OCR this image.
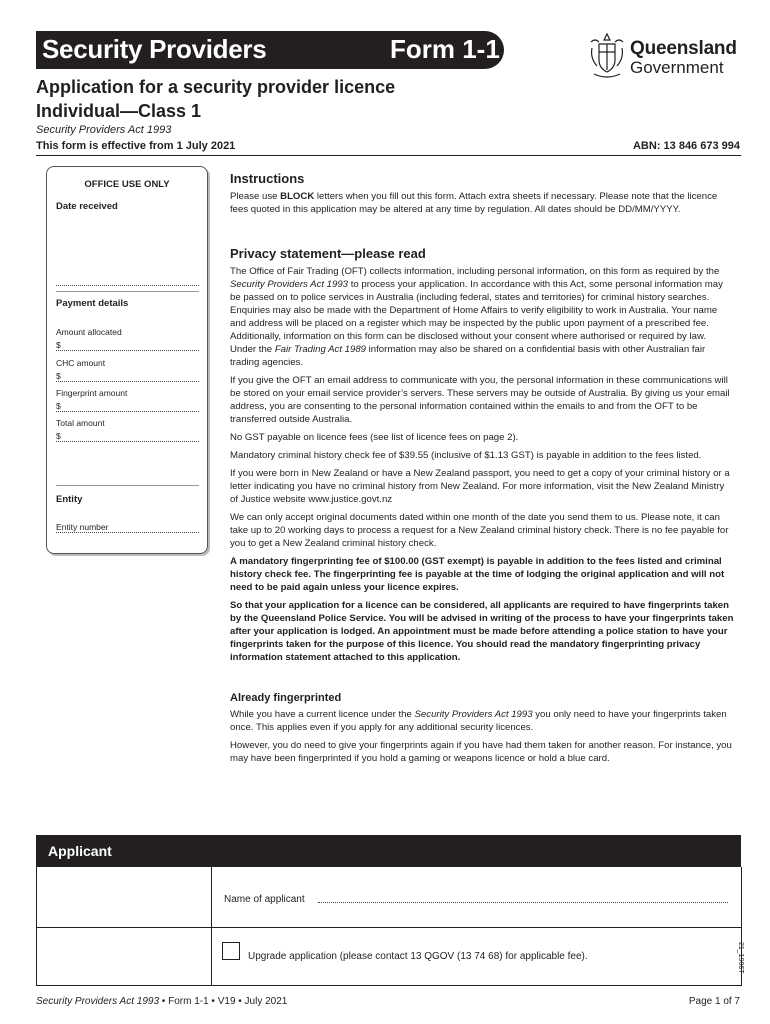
Security Providers	Form 1-1	Queensland
Government
Application for a security provider licence
Individual—Class 1
Security Providers Act 1993
This form is effective from 1 July 2021	ABN: 13 846 673 994
OFFICE USE ONLY
Date received
Payment details
Amount allocated
$
CHC amount
$
Fingerprint amount
$
Total amount
$
Entity
Entity number
Instructions

Please use BLOCK letters when you fill out this form. Attach extra sheets if necessary. Please note that the licence fees quoted in this application may be altered at any time by regulation. All dates should be DD/MM/YYYY.

Privacy statement—please read

The Office of Fair Trading (OFT) collects information, including personal information, on this form as required by the Security Providers Act 1993 to process your application. In accordance with this Act, some personal information may be passed on to police services in Australia (including federal, states and territories) for criminal history searches. Enquiries may also be made with the Department of Home Affairs to verify eligibility to work in Australia. Your name and address will be placed on a register which may be inspected by the public upon payment of a prescribed fee. Additionally, information on this form can be disclosed without your consent where authorised or required by law. Under the Fair Trading Act 1989 information may also be shared on a confidential basis with other Australian fair trading agencies.

If you give the OFT an email address to communicate with you, the personal information in these communications will be stored on your email service provider’s servers. These servers may be outside of Australia. By giving us your email address, you are consenting to the personal information contained within the emails to and from the OFT to be transferred outside Australia.

No GST payable on licence fees (see list of licence fees on page 2).

Mandatory criminal history check fee of $39.55 (inclusive of $1.13 GST) is payable in addition to the fees listed.

If you were born in New Zealand or have a New Zealand passport, you need to get a copy of your criminal history or a letter indicating you have no criminal history from New Zealand. For more information, visit the New Zealand Ministry of Justice website www.justice.govt.nz

We can only accept original documents dated within one month of the date you send them to us. Please note, it can take up to 20 working days to process a request for a New Zealand criminal history check. There is no fee payable for you to get a New Zealand criminal history check.

A mandatory fingerprinting fee of $100.00 (GST exempt) is payable in addition to the fees listed and criminal history check fee. The fingerprinting fee is payable at the time of lodging the original application and will not need to be paid again unless your licence expires.

So that your application for a licence can be considered, all applicants are required to have fingerprints taken by the Queensland Police Service. You will be advised in writing of the process to have your fingerprints taken after your application is lodged. An appointment must be made before attending a police station to have your fingerprints taken for the purpose of this licence. You should read the mandatory fingerprinting privacy information statement attached to this application.

Already fingerprinted

While you have a current licence under the Security Providers Act 1993 you only need to have your fingerprints taken once. This applies even if you apply for any additional security licences.

However, you do need to give your fingerprints again if you have had them taken for another reason. For instance, you may have been fingerprinted if you hold a gaming or weapons licence or hold a blue card.

Applicant
Name of applicant
Upgrade application (please contact 13 QGOV (13 74 68) for applicable fee).	21_1906T
Security Providers Act 1993 • Form 1-1 • V19 • July 2021	Page 1 of 7
